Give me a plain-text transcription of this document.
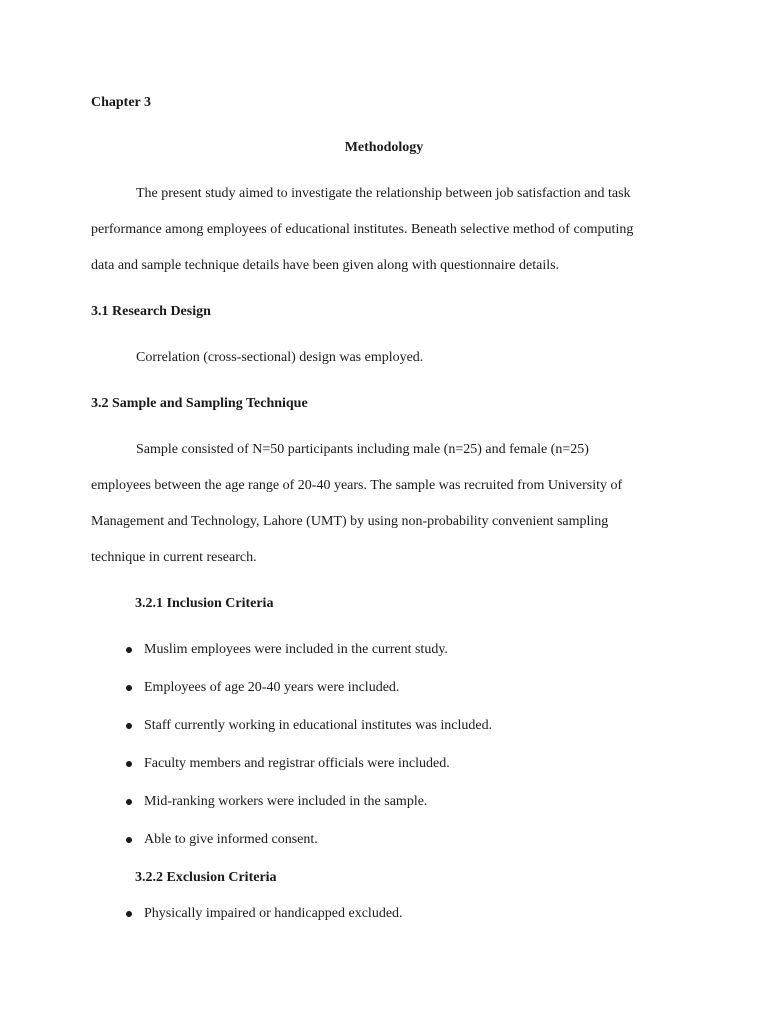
Chapter 3
Methodology
The present study aimed to investigate the relationship between job satisfaction and task
performance among employees of educational institutes. Beneath selective method of computing
data and sample technique details have been given along with questionnaire details.
3.1 Research Design
Correlation (cross-sectional) design was employed.
3.2 Sample and Sampling Technique
Sample consisted of N=50 participants including male (n=25) and female (n=25)
employees between the age range of 20-40 years. The sample was recruited from University of
Management and Technology, Lahore (UMT) by using non-probability convenient sampling
technique in current research.
3.2.1 Inclusion Criteria
Muslim employees were included in the current study.
Employees of age 20-40 years were included.
Staff currently working in educational institutes was included.
Faculty members and registrar officials were included.
Mid-ranking workers were included in the sample.
Able to give informed consent.
3.2.2 Exclusion Criteria
Physically impaired or handicapped excluded.
